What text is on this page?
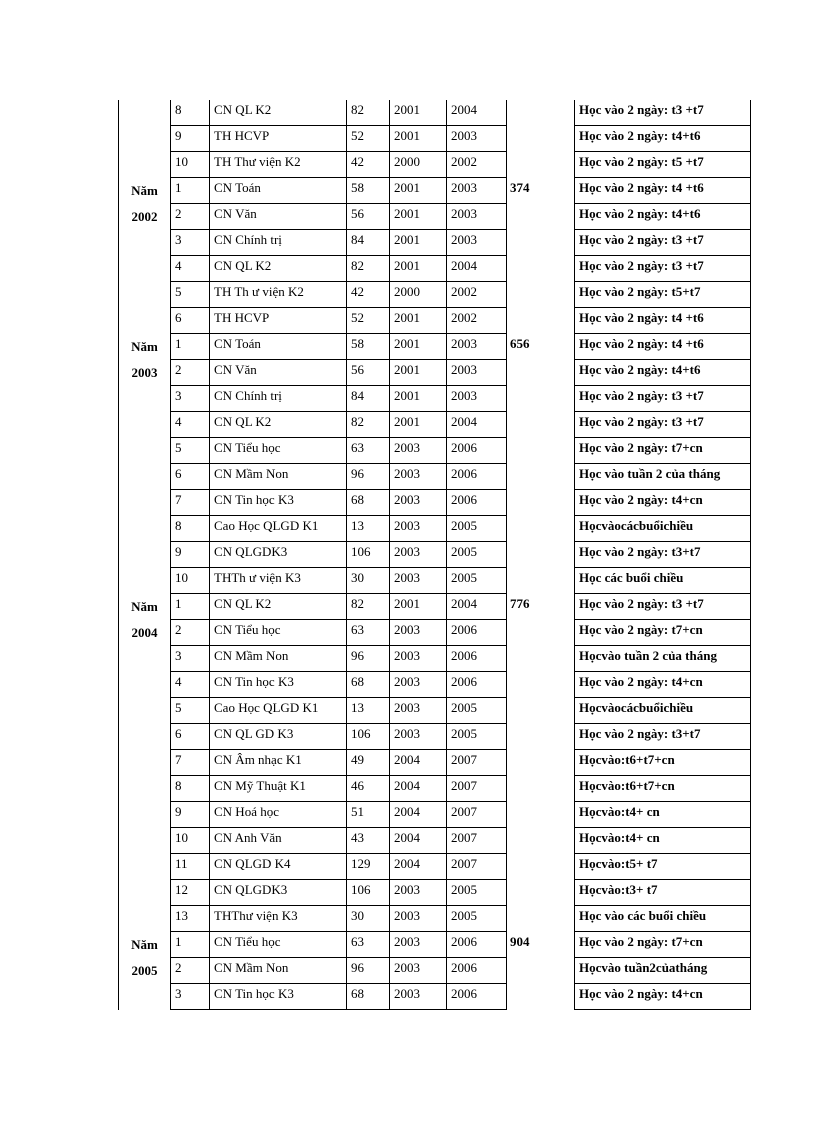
	8	CN QL K2	82	2001	2004		Học vào 2 ngày: t3 +t7
	9	TH HCVP	52	2001	2003		Học vào 2 ngày: t4+t6
	10	TH Thư viện K2	42	2000	2002		Học vào 2 ngày: t5 +t7

Năm
2002	1	CN Toán	58	2001	2003	374	Học vào 2 ngày: t4 +t6
	2	CN Văn	56	2001	2003		Học vào 2 ngày: t4+t6
	3	CN Chính trị	84	2001	2003		Học vào 2 ngày: t3 +t7
	4	CN QL K2	82	2001	2004		Học vào 2 ngày: t3 +t7
	5	TH Th ư viện K2	42	2000	2002		Học vào 2 ngày: t5+t7
	6	TH HCVP	52	2001	2002		Học vào 2 ngày: t4 +t6

Năm
2003	1	CN Toán	58	2001	2003	656	Học vào 2 ngày: t4 +t6
	2	CN Văn	56	2001	2003		Học vào 2 ngày: t4+t6
	3	CN Chính trị	84	2001	2003		Học vào 2 ngày: t3 +t7
	4	CN QL K2	82	2001	2004		Học vào 2 ngày: t3 +t7
	5	CN Tiểu học	63	2003	2006		Học vào 2 ngày: t7+cn
	6	CN Mầm Non	96	2003	2006		Học vào tuần 2 của tháng
	7	CN Tin học K3	68	2003	2006		Học vào 2 ngày: t4+cn
	8	Cao Học QLGD K1	13	2003	2005		Họcvàocácbuổichiều
	9	CN QLGDK3	106	2003	2005		Học vào 2 ngày: t3+t7
	10	THTh ư viện K3	30	2003	2005		Học các buổi chiều

Năm
2004	1	CN QL K2	82	2001	2004	776	Học vào 2 ngày: t3 +t7
	2	CN Tiểu học	63	2003	2006		Học vào 2 ngày: t7+cn
	3	CN Mầm Non	96	2003	2006		Họcvào tuần 2 của tháng
	4	CN Tin học K3	68	2003	2006		Học vào 2 ngày: t4+cn
	5	Cao Học QLGD K1	13	2003	2005		Họcvàocácbuổichiều
	6	CN QL GD K3	106	2003	2005		Học vào 2 ngày: t3+t7
	7	CN Âm nhạc K1	49	2004	2007		Họcvào:t6+t7+cn
	8	CN Mỹ Thuật K1	46	2004	2007		Họcvào:t6+t7+cn
	9	CN Hoá học	51	2004	2007		Họcvào:t4+ cn
	10	CN Anh Văn	43	2004	2007		Họcvào:t4+ cn
	11	CN QLGD K4	129	2004	2007		Họcvào:t5+ t7
	12	CN QLGDK3	106	2003	2005		Họcvào:t3+ t7
	13	THThư viện K3	30	2003	2005		Học vào các buổi chiều

Năm
2005	1	CN Tiểu học	63	2003	2006	904	Học vào 2 ngày: t7+cn
	2	CN Mầm Non	96	2003	2006		Họcvào tuần2củatháng
	3	CN Tin học K3	68	2003	2006		Học vào 2 ngày: t4+cn
